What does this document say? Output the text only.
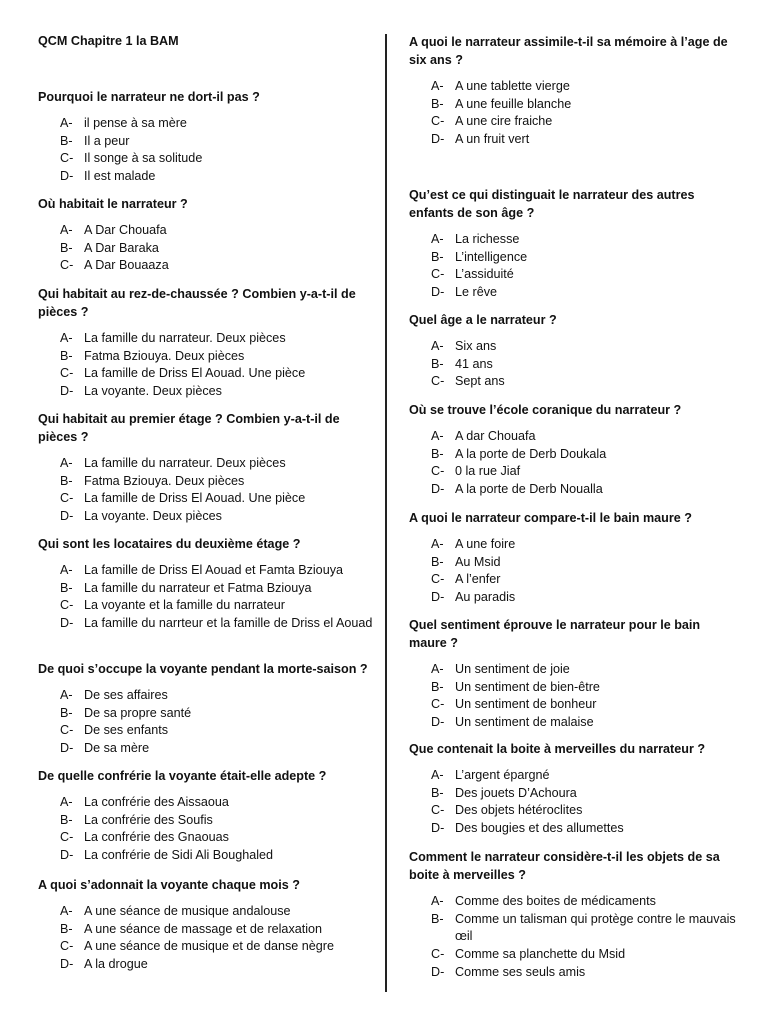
QCM Chapitre 1 la BAM
Pourquoi le narrateur ne dort-il pas ?
A- il pense à sa mère
B- Il a peur
C- Il songe à sa solitude
D- Il est malade
Où habitait le narrateur ?
A- A Dar Chouafa
B- A Dar Baraka
C- A Dar Bouaaza
Qui habitait au rez-de-chaussée ? Combien y-a-t-il de pièces ?
A- La famille du narrateur. Deux pièces
B- Fatma Bziouya. Deux pièces
C- La famille de Driss El Aouad. Une pièce
D- La voyante. Deux pièces
Qui habitait au premier étage ? Combien y-a-t-il de pièces ?
A- La famille du narrateur. Deux pièces
B- Fatma Bziouya. Deux pièces
C- La famille de Driss El Aouad. Une pièce
D- La voyante. Deux pièces
Qui sont les locataires du deuxième étage ?
A- La famille de Driss El Aouad et Famta Bziouya
B- La famille du narrateur et Fatma Bziouya
C- La voyante et la famille du narrateur
D- La famille du narrteur et la famille de Driss el Aouad
De quoi s’occupe la voyante pendant la morte-saison ?
A- De ses affaires
B- De sa propre santé
C- De ses enfants
D- De sa mère
De quelle confrérie la voyante était-elle adepte ?
A- La confrérie des Aissaoua
B- La confrérie des Soufis
C- La confrérie des Gnaouas
D- La confrérie de Sidi Ali Boughaled
A quoi s’adonnait la voyante chaque mois ?
A- A une séance de musique andalouse
B- A une séance de massage et de relaxation
C- A une séance de musique et de danse nègre
D- A la drogue
A quoi le narrateur assimile-t-il sa mémoire à l’age de six ans ?
A- A une tablette vierge
B- A une feuille blanche
C- A une cire fraiche
D- A un fruit vert
Qu’est ce qui distinguait le narrateur des autres enfants de son âge ?
A- La richesse
B- L’intelligence
C- L’assiduité
D- Le rêve
Quel âge a le narrateur ?
A- Six ans
B- 41 ans
C- Sept ans
Où se trouve l’école coranique du narrateur ?
A- A dar Chouafa
B- A la porte de Derb Doukala
C- 0 la rue Jiaf
D- A la porte de Derb Noualla
A quoi le narrateur compare-t-il le bain maure ?
A- A une foire
B- Au Msid
C- A l’enfer
D- Au paradis
Quel sentiment éprouve le narrateur pour le bain maure ?
A- Un sentiment de joie
B- Un sentiment de bien-être
C- Un sentiment de bonheur
D- Un sentiment de malaise
Que contenait la boite à merveilles du narrateur ?
A- L’argent épargné
B- Des jouets D’Achoura
C- Des objets hétéroclites
D- Des bougies et des allumettes
Comment le narrateur considère-t-il les objets de sa boite à merveilles ?
A- Comme des boites de médicaments
B- Comme un talisman qui protège contre le mauvais œil
C- Comme sa planchette du Msid
D- Comme ses seuls amis
